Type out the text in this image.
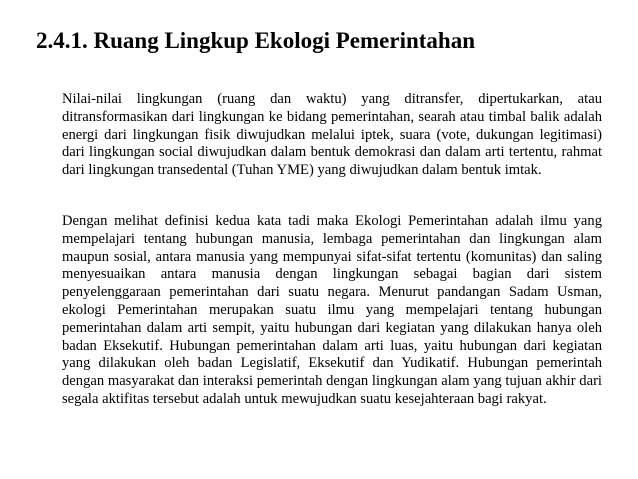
2.4.1. Ruang Lingkup Ekologi Pemerintahan

Nilai-nilai lingkungan (ruang dan waktu) yang ditransfer, dipertukarkan, atau ditransformasikan dari lingkungan ke bidang pemerintahan, searah atau timbal balik adalah energi dari lingkungan fisik diwujudkan melalui iptek, suara (vote, dukungan legitimasi) dari lingkungan social diwujudkan dalam bentuk demokrasi dan dalam arti tertentu, rahmat dari lingkungan transedental (Tuhan YME) yang diwujudkan dalam bentuk imtak.

Dengan melihat definisi kedua kata tadi maka Ekologi Pemerintahan adalah ilmu yang mempelajari tentang hubungan manusia, lembaga pemerintahan dan lingkungan alam maupun sosial, antara manusia yang mempunyai sifat-sifat tertentu (komunitas) dan saling menyesuaikan antara manusia dengan lingkungan sebagai bagian dari sistem penyelenggaraan pemerintahan dari suatu negara. Menurut pandangan Sadam Usman, ekologi Pemerintahan merupakan suatu ilmu yang mempelajari tentang hubungan pemerintahan dalam arti sempit, yaitu hubungan dari kegiatan yang dilakukan hanya oleh badan Eksekutif. Hubungan pemerintahan dalam arti luas, yaitu hubungan dari kegiatan yang dilakukan oleh badan Legislatif, Eksekutif dan Yudikatif. Hubungan pemerintah dengan masyarakat dan interaksi pemerintah dengan lingkungan alam yang tujuan akhir dari segala aktifitas tersebut adalah untuk mewujudkan suatu kesejahteraan bagi rakyat.
